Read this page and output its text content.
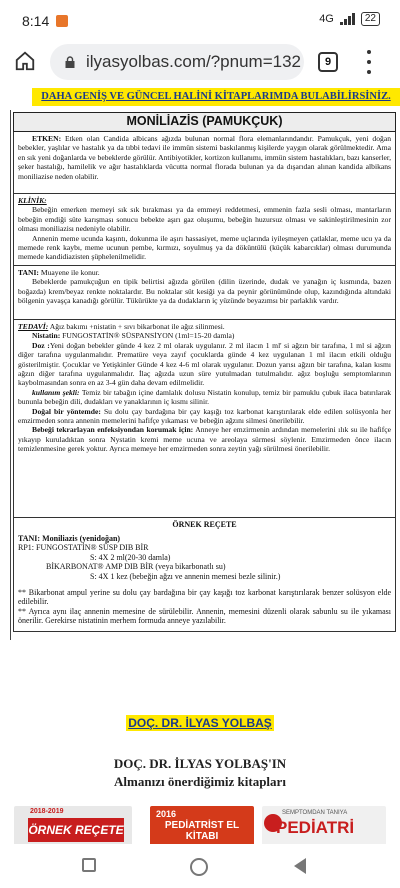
8:14	4G	22
ilyasyolbas.com/?pnum=132	9
DAHA GENİŞ VE GÜNCEL HALİNİ KİTAPLARIMDA BULABİLİRSİNİZ.
MONİLİAZİS (PAMUKÇUK)

ETKEN: Etken olan Candida albicans ağızda bulunan normal flora elemanlarındandır. Pamukçuk, yeni doğan bebekler, yaşlılar ve hastalık ya da tıbbi tedavi ile immün sistemi baskılanmış kişilerde yaygın olarak görülmektedir. Ama en sık yeni doğanlarda ve bebeklerde görülür. Antibiyotikler, kortizon kullanımı, immün sistem hastalıkları, bazı kanserler, şeker hastalığı, hamilelik ve ağır hastalıklarda vücutta normal florada bulunan ya da dışarıdan alınan kandida albikans moniliazise neden olabilir.

KLİNİK:

Bebeğin emerken memeyi sık sık bırakması ya da emmeyi reddetmesi, emmenin fazla sesli olması, mantarların bebeğin emdiği süte karışması sonucu bebekte aşırı gaz oluşumu, bebeğin huzursuz olması ve sakinleştirilmesinin zor olması moniliazisı nedeniyle olabilir.

Annenin meme ucunda kaşıntı, dokunma ile aşırı hassasiyet, meme uçlarında iyileşmeyen çatlaklar, meme ucu ya da memede renk kaybı, meme ucunun pembe, kırmızı, soyulmuş ya da döküntülü (küçük kabarcıklar) olması durumunda memede kandidiazisten şüphelenilmelidir.

TANI: Muayene ile konur.

Bebeklerde pamukçuğun en tipik belirtisi ağızda görülen (dilin üzerinde, dudak ve yanağın iç kısmında, bazen boğazda) krem/beyaz renkte noktalardır. Bu noktalar süt kesiği ya da peynir görünümünde olup, kazındığında altındaki bölgenin yavaşça kanadığı görülür. Tükürükte ya da dudakların iç yüzünde beyazımsı bir parlaklık vardır.

TEDAVİ: Ağız bakımı +nistatin + sıvı bikarbonat ile ağız silinmesi.

Nistatin: FUNGOSTATİN® SÜSPANSİYON (1ml=15-20 damla)

Doz :Yeni doğan bebekler günde 4 kez 2 ml olarak uygulanır. 2 ml ilacın 1 ml' si ağzın bir tarafına, 1 ml si ağzın diğer tarafına uygulanmalıdır. Prematüre veya zayıf çocuklarda günde 4 kez uygulanan 1 ml ilacın etkili olduğu gösterilmiştir. Çocuklar ve Yetişkinler Günde 4 kez 4-6 ml olarak uygulanır. Dozun yarısı ağzın bir tarafına, kalan kısmı ağzın diğer tarafına uygulanmalıdır. İlaç ağızda uzun süre yutulmadan tutulmalıdır. ağız boşluğu semptomlarının kaybolmasından sonra en az 3-4 gün daha devam edilmelidir.

kullanım şekli: Temiz bir tabağın içine damlalık dolusu Nistatin konulup, temiz bir pamuklu çubuk ilaca batırılarak bununla bebeğin dili, dudakları ve yanaklarının iç kısmı silinir.

Doğal bir yöntemde: Su dolu çay bardağına bir çay kaşığı toz karbonat karıştırılarak elde edilen solüsyonla her emzirmeden sonra annenin memelerini hafifçe yıkaması ve bebeğin ağzını silmesi önerilebilir.

Bebeği tekrarlayan enfeksiyondan korumak için: Anneye her emzirmenin ardından memelerini ılık su ile hafifçe yıkayıp kuruladıktan sonra Nystatin kremi meme ucuna ve areolaya sürmesi söylenir. Emzirmeden önce ilacın temizlenmesine gerek yoktur. Ayrıca memeye her emzirmeden sonra zeytin yağı sürülmesi önerilebilir.

ÖRNEK REÇETE
TANI: Moniliazis (yenidoğan)
RP1: FUNGOSTATİN® SÜSP DIB BİR
S: 4X 2 ml(20-30 damla)
BİKARBONAT® AMP DIB BİR (veya bikarbonatlı su)
S: 4X 1 kez (bebeğin ağzı ve annenin memesi bezle silinir.)

** Bikarbonat ampul yerine su dolu çay bardağına bir çay kaşığı toz karbonat karıştırılarak benzer solüsyon elde edilebilir.

** Ayrıca aynı ilaç annenin memesine de sürülebilir. Annenin, memesini düzenli olarak sabunlu su ile yıkaması önerilir. Gerekirse nistatinin merhem formuda anneye yazılabilir.

DOÇ. DR. İLYAS YOLBAŞ
DOÇ. DR. İLYAS YOLBAŞ'IN
Almanızı önerdiğimiz kitapları
2018-2019
ÖRNEK REÇETE
2016
PEDİATRİST EL KİTABI
SEMPTOMDAN TANIYA
PEDİATRİ
